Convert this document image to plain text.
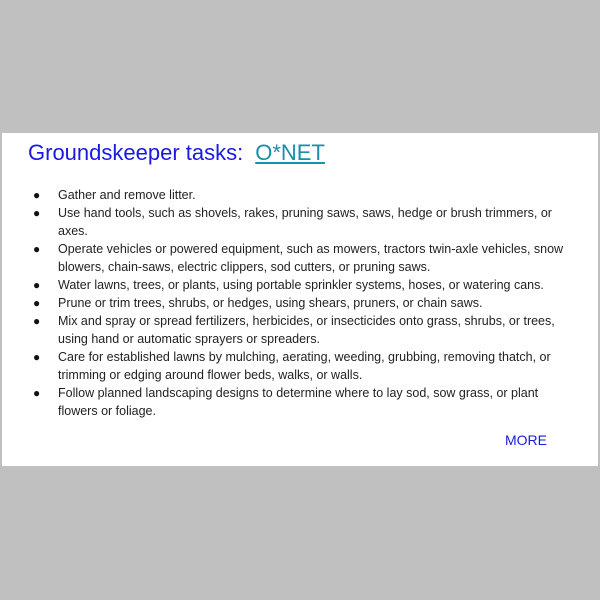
Groundskeeper tasks: O*NET
● Gather and remove litter.
● Use hand tools, such as shovels, rakes, pruning saws, saws, hedge or brush trimmers, or axes.
● Operate vehicles or powered equipment, such as mowers, tractors twin-axle vehicles, snow blowers, chain-saws, electric clippers, sod cutters, or pruning saws.
● Water lawns, trees, or plants, using portable sprinkler systems, hoses, or watering cans.
● Prune or trim trees, shrubs, or hedges, using shears, pruners, or chain saws.
● Mix and spray or spread fertilizers, herbicides, or insecticides onto grass, shrubs, or trees, using hand or automatic sprayers or spreaders.
● Care for established lawns by mulching, aerating, weeding, grubbing, removing thatch, or trimming or edging around flower beds, walks, or walls.
● Follow planned landscaping designs to determine where to lay sod, sow grass, or plant flowers or foliage.
MORE
